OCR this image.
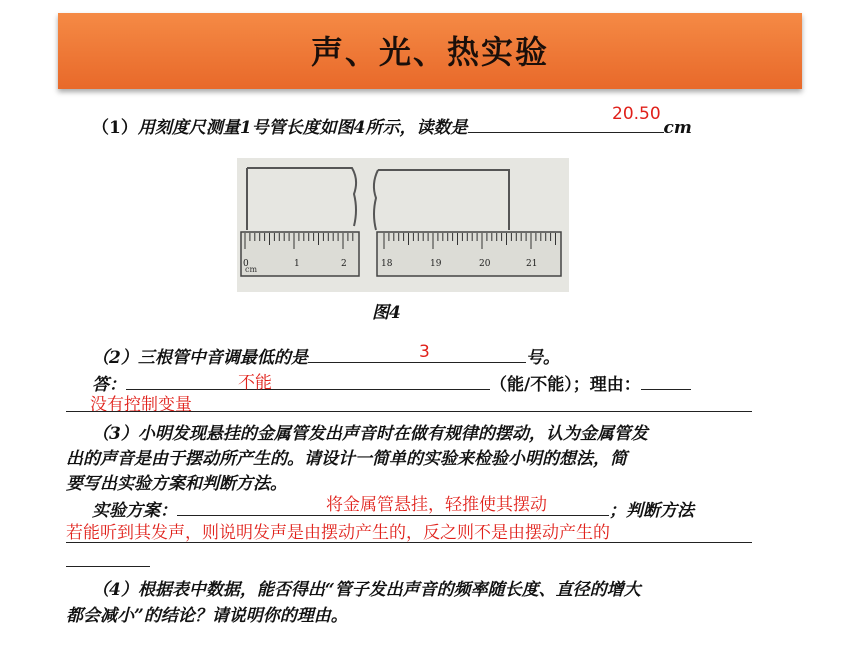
声、光、热实验
（1）用刻度尺测量1号管长度如图4所示，读数是	cm
20.50
cm
0	1	2	18	19	20	21
图4
（2）三根管中音调最低的是	号。
3
答：	（能/不能）；理由：
不能
没有控制变量
（3）小明发现悬挂的金属管发出声音时在做有规律的摆动，认为金属管发
出的声音是由于摆动所产生的。请设计一简单的实验来检验小明的想法，简
要写出实验方案和判断方法。
实验方案：	；判断方法
将金属管悬挂，轻推使其摆动
若能听到其发声，则说明发声是由摆动产生的，反之则不是由摆动产生的
（4）根据表中数据，能否得出“管子发出声音的频率随长度、直径的增大
都会减小”的结论？请说明你的理由。
